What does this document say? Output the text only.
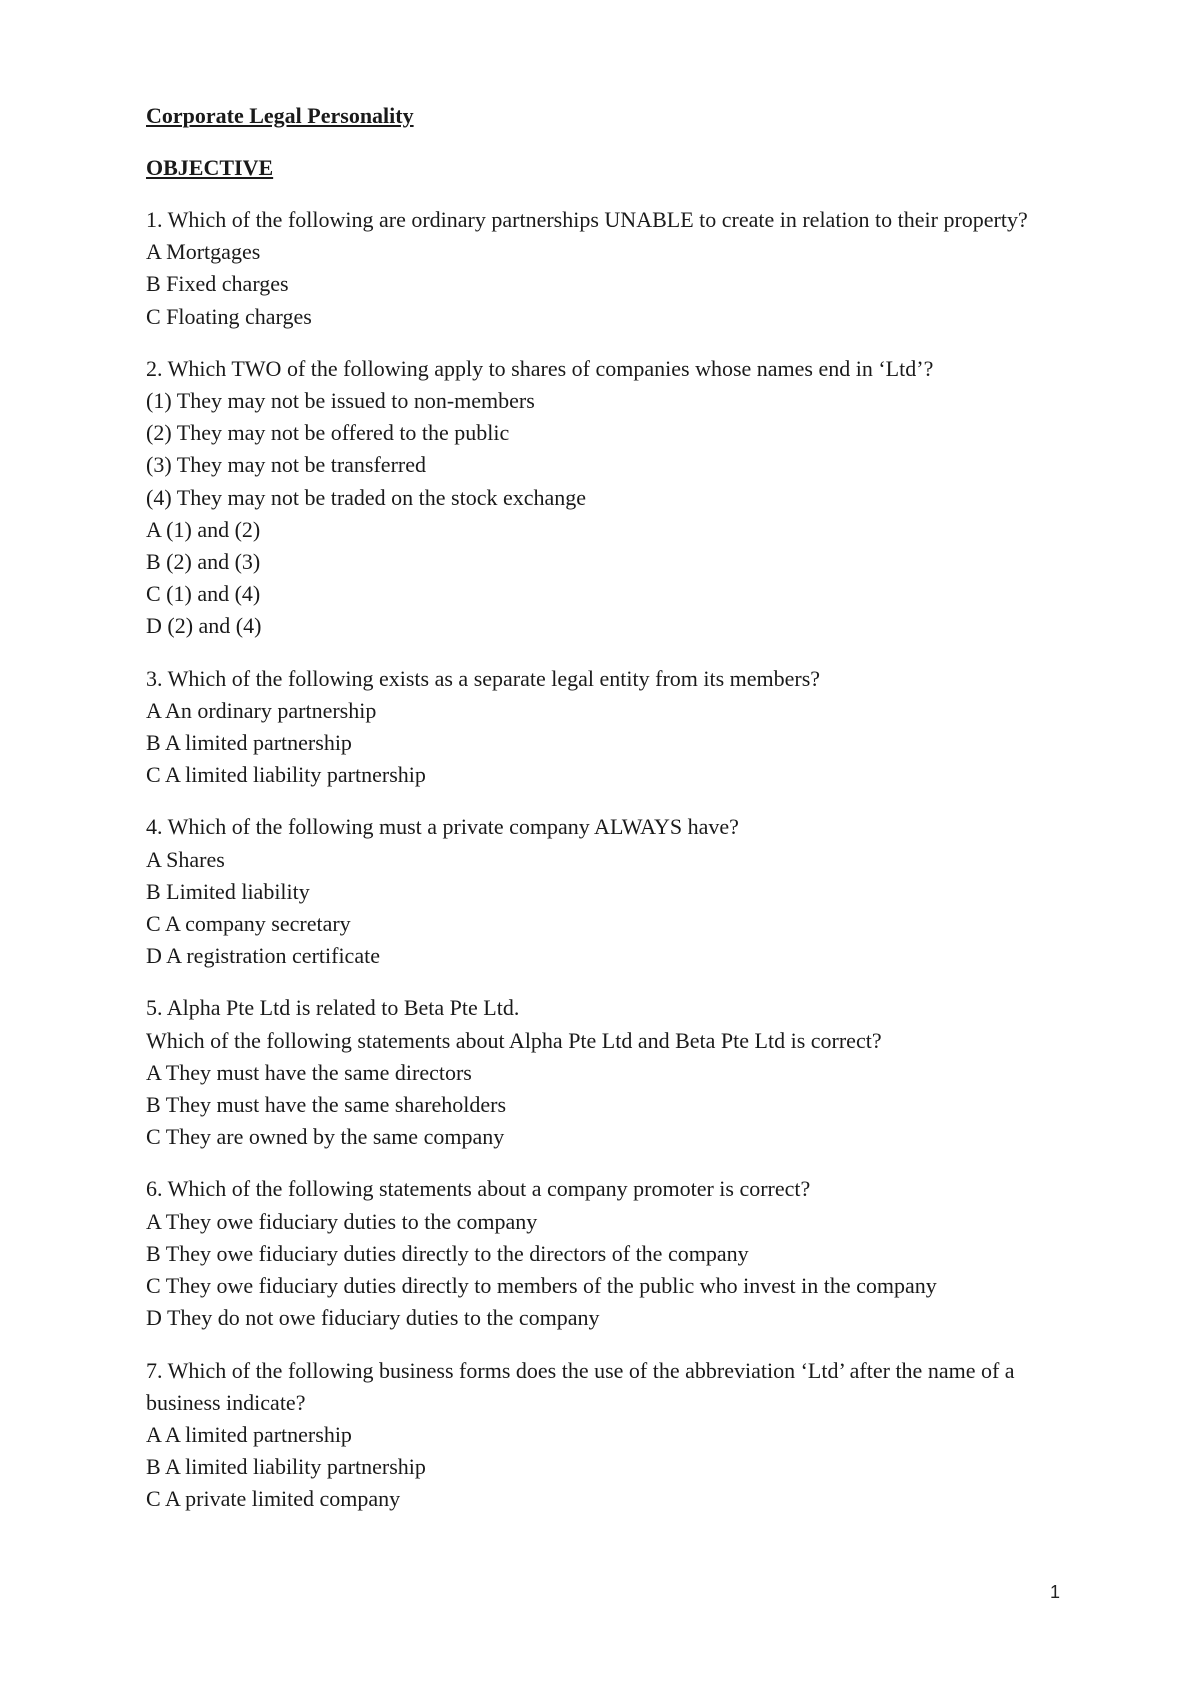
Corporate Legal Personality
OBJECTIVE
1. Which of the following are ordinary partnerships UNABLE to create in relation to their property?
A Mortgages
B Fixed charges
C Floating charges
2. Which TWO of the following apply to shares of companies whose names end in ‘Ltd’?
(1) They may not be issued to non-members
(2) They may not be offered to the public
(3) They may not be transferred
(4) They may not be traded on the stock exchange
A (1) and (2)
B (2) and (3)
C (1) and (4)
D (2) and (4)
3. Which of the following exists as a separate legal entity from its members?
A An ordinary partnership
B A limited partnership
C A limited liability partnership
4. Which of the following must a private company ALWAYS have?
A Shares
B Limited liability
C A company secretary
D A registration certificate
5. Alpha Pte Ltd is related to Beta Pte Ltd.
Which of the following statements about Alpha Pte Ltd and Beta Pte Ltd is correct?
A They must have the same directors
B They must have the same shareholders
C They are owned by the same company
6. Which of the following statements about a company promoter is correct?
A They owe fiduciary duties to the company
B They owe fiduciary duties directly to the directors of the company
C They owe fiduciary duties directly to members of the public who invest in the company
D They do not owe fiduciary duties to the company
7. Which of the following business forms does the use of the abbreviation ‘Ltd’ after the name of a business indicate?
A A limited partnership
B A limited liability partnership
C A private limited company
1
